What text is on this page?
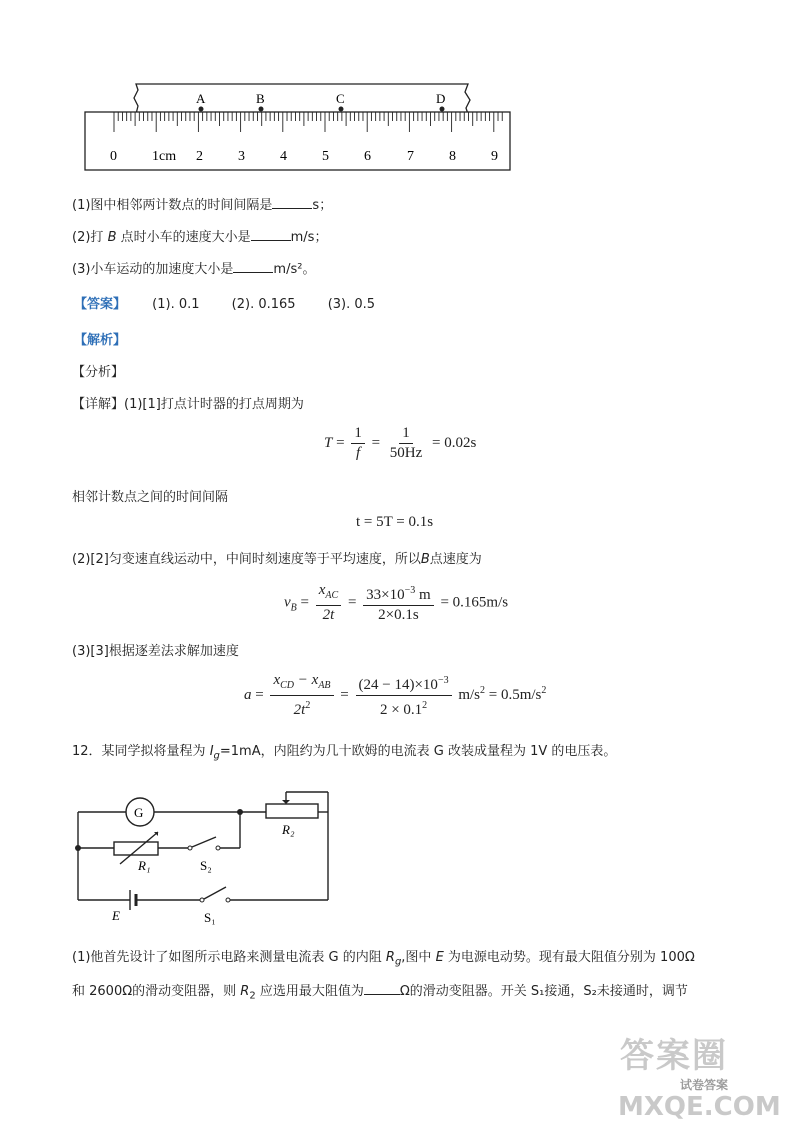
A	B	C	D
0	1cm 2	3	4	5	6	7	8	9
(1)图中相邻两计数点的时间间隔是	s；
(2)打 B 点时小车的速度大小是	m/s；
(3)小车运动的加速度大小是	m/s²。
【答案】 (1). 0.1 (2). 0.165 (3). 0.5
【解析】
【分析】
【详解】(1)[1]打点计时器的打点周期为
$T = \frac{1}{f} = \frac{1}{50Hz} = 0.02s$
相邻计数点之间的时间间隔
t = 5T = 0.1s
(2)[2]匀变速直线运动中，中间时刻速度等于平均速度，所以B点速度为
$v_B = \frac{x_{AC}}{2t} = \frac{33\times 10^{-3} m}{2\times 0.1s} = 0.165m/s$
(3)[3]根据逐差法求解加速度
$a = \frac{x_{CD} - x_{AB}}{2t^2} = \frac{(24 - 14)\times 10^{-3}}{2 \times 0.1^2} m/s^2 = 0.5m/s^2$
12．某同学拟将量程为 $I_g=1mA$，内阻约为几十欧姆的电流表 G 改装成量程为 1V 的电压表。
G
R₂
R₁	S₂
E	S₁
(1)他首先设计了如图所示电路来测量电流表 G 的内阻 $R_g$,图中 E 为电源电动势。现有最大阻值分别为 100Ω
和 2600Ω的滑动变阻器，则 $R_2$ 应选用最大阻值为	Ω的滑动变阻器。开关 S₁接通，S₂未接通时，调节
答案圈
试卷答案
MXQE.COM
